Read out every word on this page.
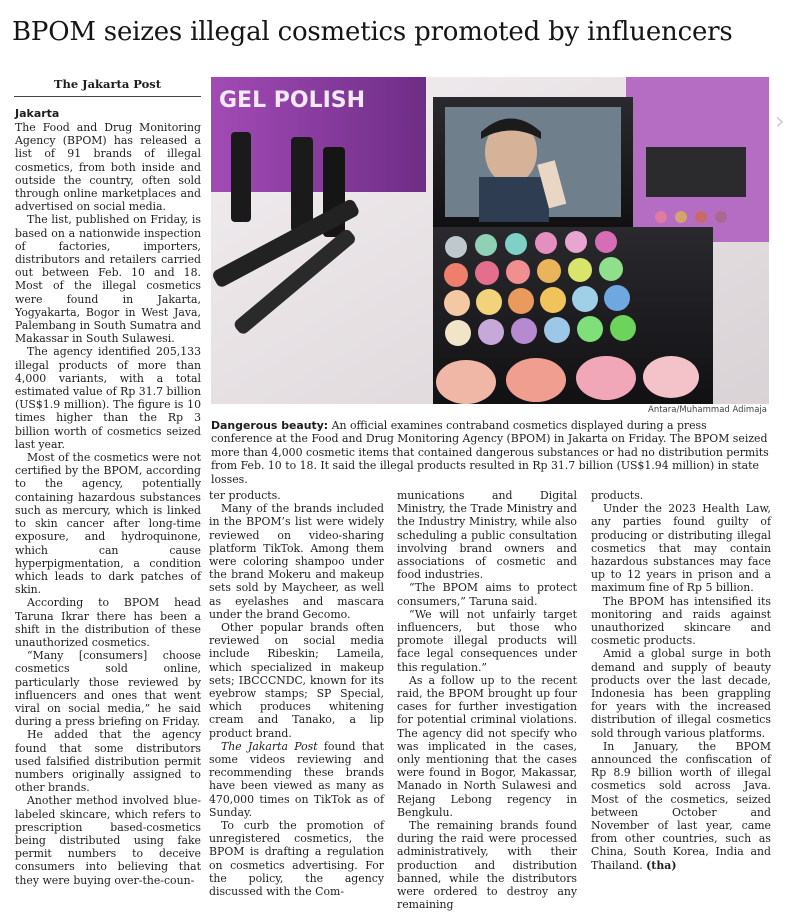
BPOM seizes illegal cosmetics promoted by influencers
The Jakarta Post

Jakarta

The Food and Drug Monitoring Agency (BPOM) has released a list of 91 brands of illegal cosmetics, from both inside and outside the country, often sold through online marketplaces and advertised on social media.

The list, published on Friday, is based on a nationwide inspection of factories, importers, distributors and retailers carried out between Feb. 10 and 18. Most of the illegal cosmetics were found in Jakarta, Yogyakarta, Bogor in West Java, Palembang in South Sumatra and Makassar in South Sulawesi.

The agency identified 205,133 illegal products of more than 4,000 variants, with a total estimated value of Rp 31.7 billion (US$1.9 million). The figure is 10 times higher than the Rp 3 billion worth of cosmetics seized last year.

Most of the cosmetics were not certified by the BPOM, according to the agency, potentially containing hazardous substances such as mercury, which is linked to skin cancer after long-time exposure, and hydroquinone, which can cause hyperpigmentation, a condition which leads to dark patches of skin.

According to BPOM head Taruna Ikrar there has been a shift in the distribution of these unauthorized cosmetics.

“Many [consumers] choose cosmetics sold online, particularly those reviewed by influencers and ones that went viral on social media,” he said during a press briefing on Friday.

He added that the agency found that some distributors used falsified distribution permit numbers originally assigned to other brands.

Another method involved blue-labeled skincare, which refers to prescription based-cosmetics being distributed using fake permit numbers to deceive consumers into believing that they were buying over-the-coun-

GEL POLISH
›
Antara/Muhammad Adimaja
Dangerous beauty: An official examines contraband cosmetics displayed during a press conference at the Food and Drug Monitoring Agency (BPOM) in Jakarta on Friday. The BPOM seized more than 4,000 cosmetic items that contained dangerous substances or had no distribution permits from Feb. 10 to 18. It said the illegal products resulted in Rp 31.7 billion (US$1.94 million) in state losses.

ter products.

Many of the brands included in the BPOM’s list were widely reviewed on video-sharing platform TikTok. Among them were coloring shampoo under the brand Mokeru and makeup sets sold by Maycheer, as well as eyelashes and mascara under the brand Gecomo.

Other popular brands often reviewed on social media include Ribeskin; Lameila, which specialized in makeup sets; IBCCCNDC, known for its eyebrow stamps; SP Special, which produces whitening cream and Tanako, a lip product brand.

The Jakarta Post found that some videos reviewing and recommending these brands have been viewed as many as 470,000 times on TikTok as of Sunday.

To curb the promotion of unregistered cosmetics, the BPOM is drafting a regulation on cosmetics advertising. For the policy, the agency discussed with the Com-

munications and Digital Ministry, the Trade Ministry and the Industry Ministry, while also scheduling a public consultation involving brand owners and associations of cosmetic and food industries.

“The BPOM aims to protect consumers,” Taruna said.

“We will not unfairly target influencers, but those who promote illegal products will face legal consequences under this regulation.”

As a follow up to the recent raid, the BPOM brought up four cases for further investigation for potential criminal violations. The agency did not specify who was implicated in the cases, only mentioning that the cases were found in Bogor, Makassar, Manado in North Sulawesi and Rejang Lebong regency in Bengkulu.

The remaining brands found during the raid were processed administratively, with their production and distribution banned, while the distributors were ordered to destroy any remaining

products.

Under the 2023 Health Law, any parties found guilty of producing or distributing illegal cosmetics that may contain hazardous substances may face up to 12 years in prison and a maximum fine of Rp 5 billion.

The BPOM has intensified its monitoring and raids against unauthorized skincare and cosmetic products.

Amid a global surge in both demand and supply of beauty products over the last decade, Indonesia has been grappling for years with the increased distribution of illegal cosmetics sold through various platforms.

In January, the BPOM announced the confiscation of Rp 8.9 billion worth of illegal cosmetics sold across Java. Most of the cosmetics, seized between October and November of last year, came from other countries, such as China, South Korea, India and Thailand. (tha)
